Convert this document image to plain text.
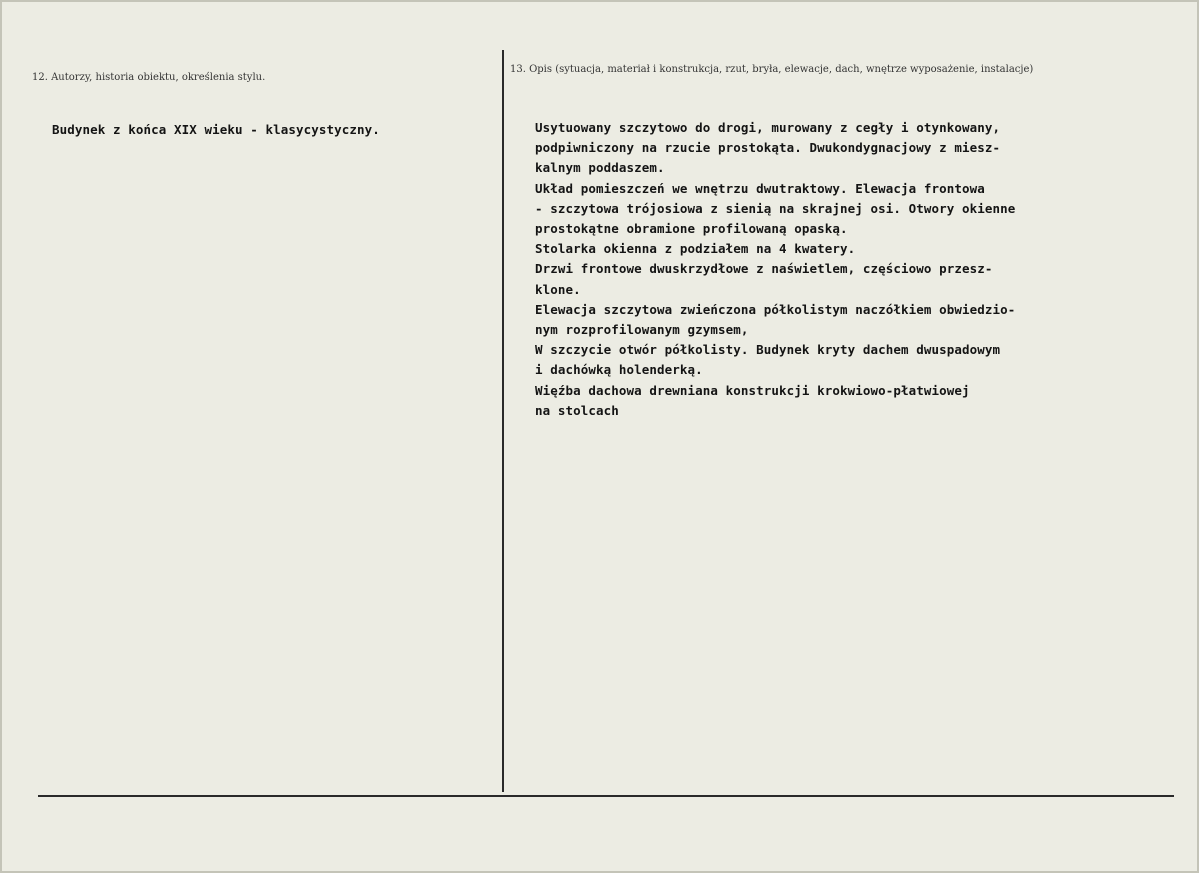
12. Autorzy, historia obiektu, określenia stylu.
Budynek z końca XIX wieku - klasycystyczny.
13. Opis (sytuacja, materiał i konstrukcja, rzut, bryła, elewacje, dach, wnętrze wyposażenie, instalacje)
Usytuowany szczytowo do drogi, murowany z cegły i otynkowany,
podpiwniczony na rzucie prostokąta. Dwukondygnacjowy z miesz-
kalnym poddaszem.
Układ pomieszczeń we wnętrzu dwutraktowy. Elewacja frontowa
- szczytowa trójosiowa z sienią na skrajnej osi. Otwory okienne
prostokątne obramione profilowaną opaską.
Stolarka okienna z podziałem na 4 kwatery.
Drzwi frontowe dwuskrzydłowe z naświetlem, częściowo przesz-
klone.
Elewacja szczytowa zwieńczona półkolistym naczółkiem obwiedzio-
nym rozprofilowanym gzymsem,
W szczycie otwór półkolisty. Budynek kryty dachem dwuspadowym
i dachówką holenderką.
Więźba dachowa drewniana konstrukcji krokwiowo-płatwiowej
na stolcach
